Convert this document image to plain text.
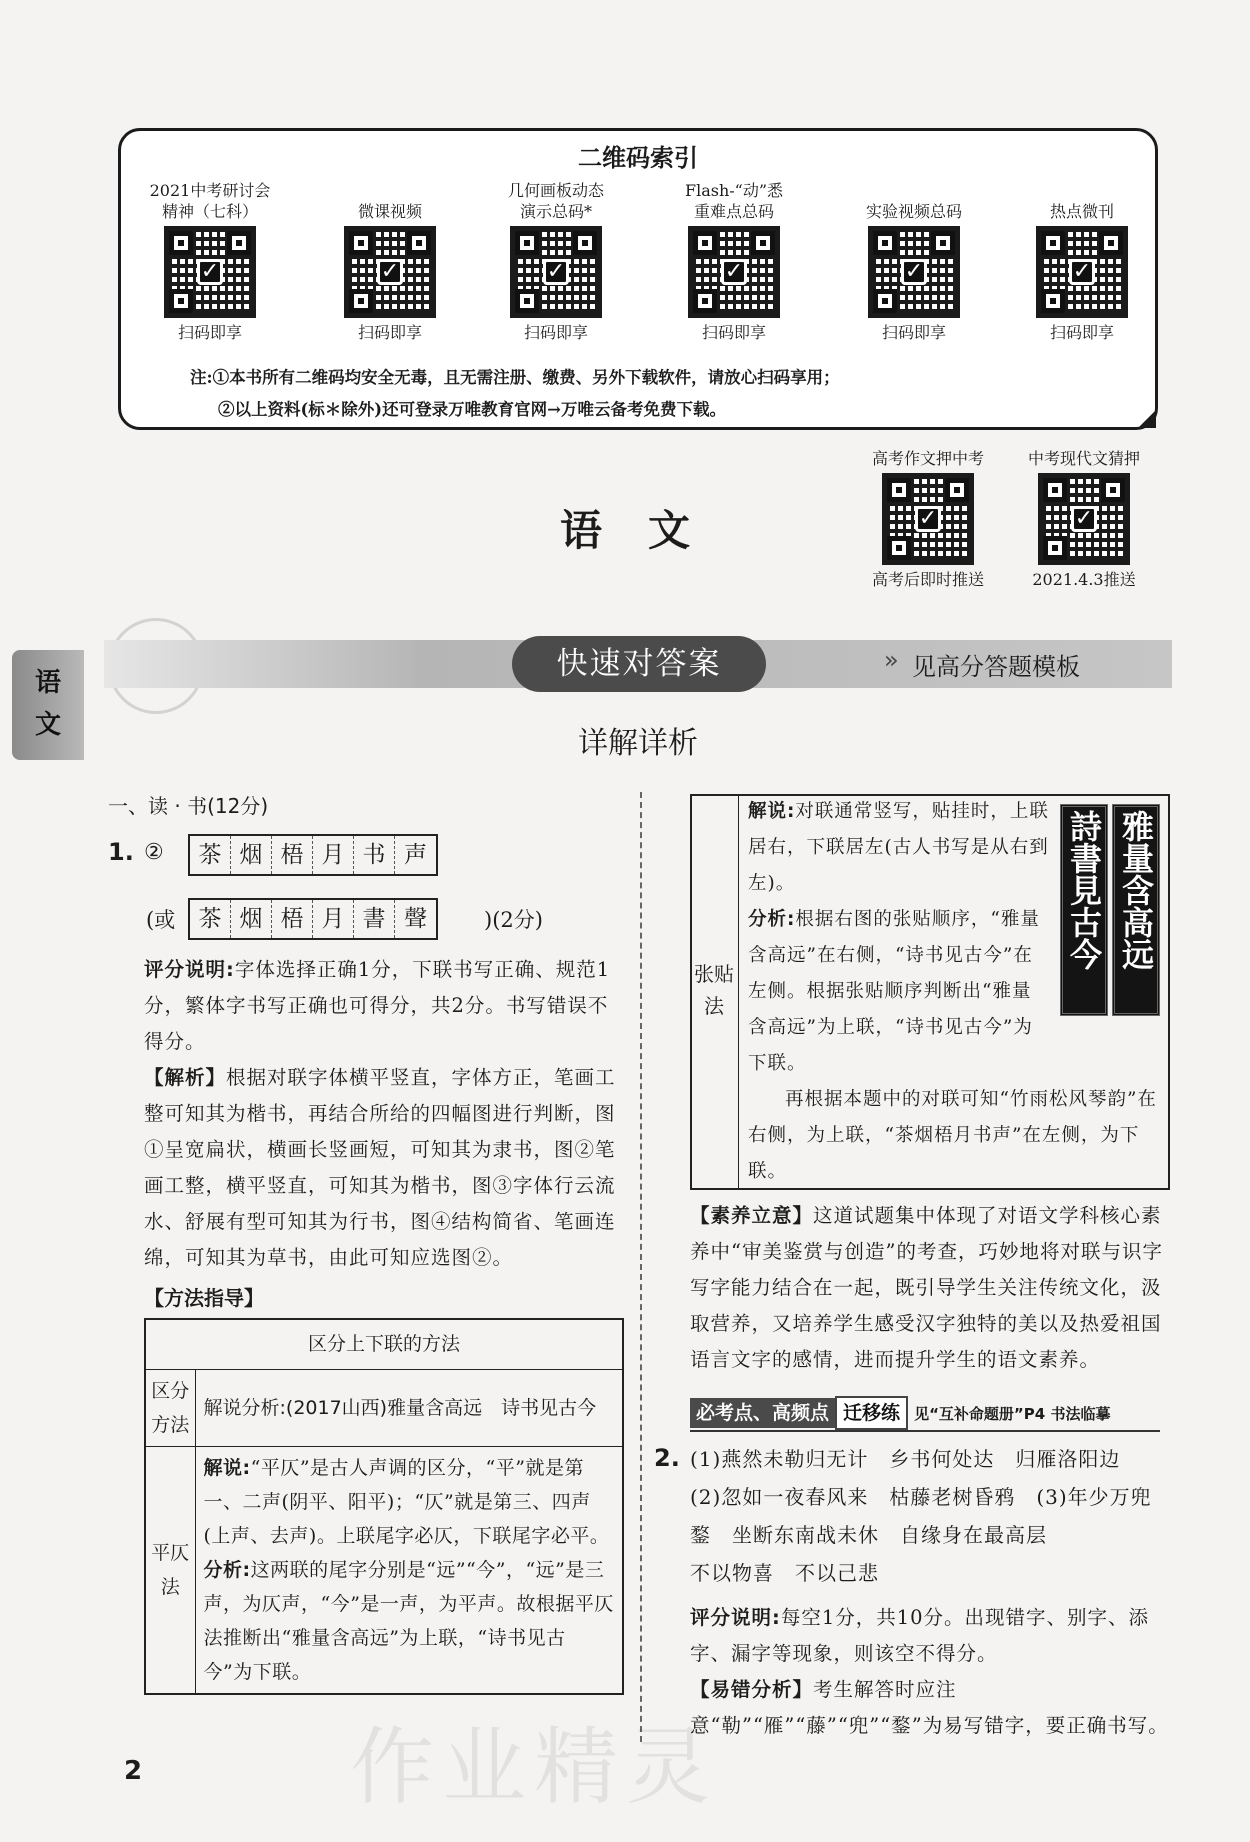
二维码索引
2021中考研讨会
精神（七科）
✓
扫码即享
微课视频
✓
扫码即享
几何画板动态
演示总码*
✓
扫码即享
Flash-“动”悉
重难点总码
✓
扫码即享
实验视频总码
✓
扫码即享
热点微刊
✓
扫码即享
注:①本书所有二维码均安全无毒，且无需注册、缴费、另外下载软件，请放心扫码享用；
②以上资料(标＊除外)还可登录万唯教育官网→万唯云备考免费下载。
语　文
高考作文押中考
✓
高考后即时推送
中考现代文猜押
✓
2021.4.3推送
语
文
快速对答案	» 见高分答题模板
详解详析
一、读 · 书(12分)
1. ②	茶 烟 梧 月 书 声
(或	茶 烟 梧 月 書 聲	)(2分)
评分说明:字体选择正确1分，下联书写正确、规范1分，繁体字书写正确也可得分，共2分。书写错误不得分。
【解析】根据对联字体横平竖直，字体方正，笔画工整可知其为楷书，再结合所给的四幅图进行判断，图①呈宽扁状，横画长竖画短，可知其为隶书，图②笔画工整，横平竖直，可知其为楷书，图③字体行云流水、舒展有型可知其为行书，图④结构简省、笔画连绵，可知其为草书，由此可知应选图②。
【方法指导】
区分上下联的方法	
区分方法	解说分析:(2017山西)雅量含高远　诗书见古今
平仄法	解说:“平仄”是古人声调的区分，“平”就是第一、二声(阴平、阳平)；“仄”就是第三、四声(上声、去声)。上联尾字必仄，下联尾字必平。
分析:这两联的尾字分别是“远”“今”，“远”是三声，为仄声，“今”是一声，为平声。故根据平仄法推断出“雅量含高远”为上联，“诗书见古今”为下联。
2 作业精灵
张贴法
解说:对联通常竖写，贴挂时，上联居右，下联居左(古人书写是从右到左)。
分析:根据右图的张贴顺序，“雅量含高远”在右侧，“诗书见古今”在左侧。根据张贴顺序判断出“雅量含高远”为上联，“诗书见古今”为下联。
再根据本题中的对联可知“竹雨松风琴韵”在右侧，为上联，“茶烟梧月书声”在左侧，为下联。
雅量含高远
詩書見古今
【素养立意】这道试题集中体现了对语文学科核心素养中“审美鉴赏与创造”的考查，巧妙地将对联与识字写字能力结合在一起，既引导学生关注传统文化，汲取营养，又培养学生感受汉字独特的美以及热爱祖国语言文字的感情，进而提升学生的语文素养。
必考点、高频点 迁移练 见“互补命题册”P4 书法临摹
2. (1)燕然未勒归无计　乡书何处达　归雁洛阳边
(2)忽如一夜春风来　枯藤老树昏鸦　(3)年少万兜鍪　坐断东南战未休　自缘身在最高层
不以物喜　不以己悲
评分说明:每空1分，共10分。出现错字、别字、添字、漏字等现象，则该空不得分。
【易错分析】考生解答时应注意“勒”“雁”“藤”“兜”“鍪”为易写错字，要正确书写。
